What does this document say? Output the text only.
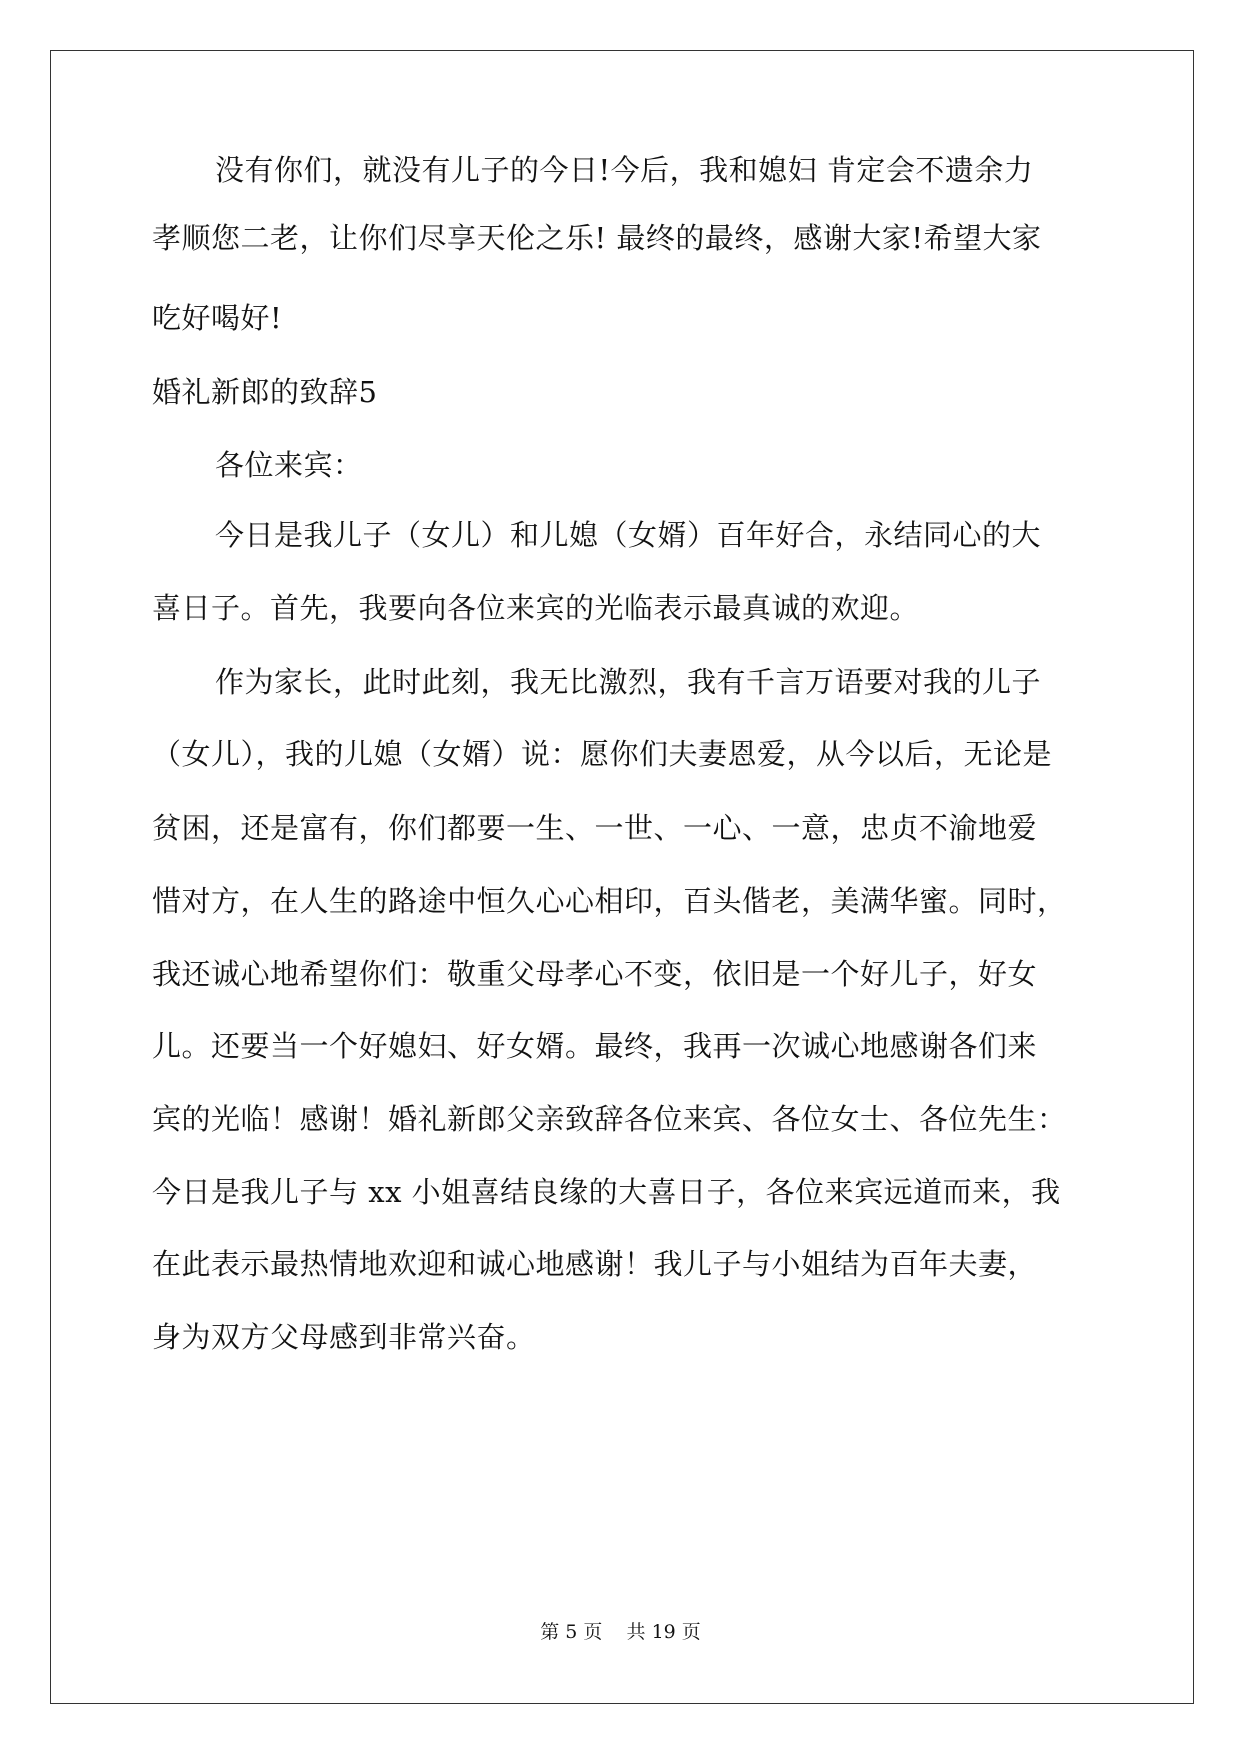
没有你们，就没有儿子的今日!今后，我和媳妇 肯定会不遗余力
孝顺您二老，让你们尽享天伦之乐! 最终的最终，感谢大家!希望大家
吃好喝好!
婚礼新郎的致辞5
各位来宾：
今日是我儿子（女儿）和儿媳（女婿）百年好合，永结同心的大
喜日子。首先，我要向各位来宾的光临表示最真诚的欢迎。
作为家长，此时此刻，我无比激烈，我有千言万语要对我的儿子
（女儿），我的儿媳（女婿）说：愿你们夫妻恩爱，从今以后，无论是
贫困，还是富有，你们都要一生、一世、一心、一意，忠贞不渝地爱
惜对方，在人生的路途中恒久心心相印，百头偕老，美满华蜜。同时，
我还诚心地希望你们：敬重父母孝心不变，依旧是一个好儿子，好女
儿。还要当一个好媳妇、好女婿。最终，我再一次诚心地感谢各们来
宾的光临！感谢！婚礼新郎父亲致辞各位来宾、各位女士、各位先生：
今日是我儿子与 xx 小姐喜结良缘的大喜日子，各位来宾远道而来，我
在此表示最热情地欢迎和诚心地感谢！我儿子与小姐结为百年夫妻，
身为双方父母感到非常兴奋。
第 5 页    共 19 页
